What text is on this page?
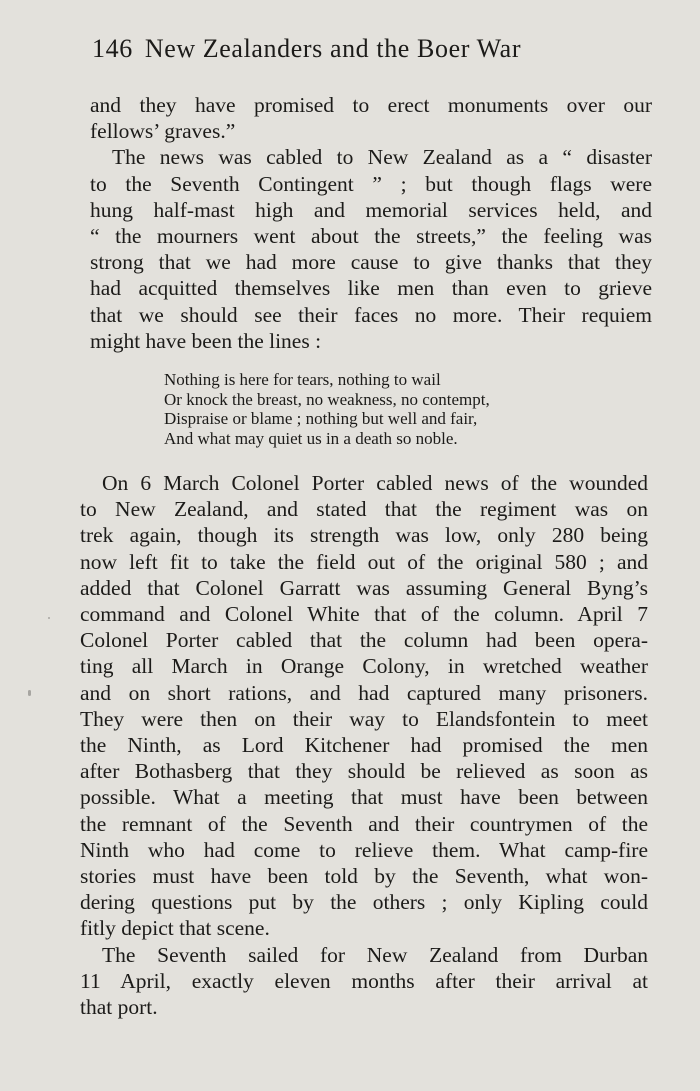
146 New Zealanders and the Boer War
and they have promised to erect monuments over our
fellows’ graves.”
The news was cabled to New Zealand as a “ disaster
to the Seventh Contingent ” ; but though flags were
hung half-mast high and memorial services held, and
“ the mourners went about the streets,” the feeling was
strong that we had more cause to give thanks that they
had acquitted themselves like men than even to grieve
that we should see their faces no more. Their requiem
might have been the lines :
Nothing is here for tears, nothing to wail
Or knock the breast, no weakness, no contempt,
Dispraise or blame ; nothing but well and fair,
And what may quiet us in a death so noble.
On 6 March Colonel Porter cabled news of the wounded
to New Zealand, and stated that the regiment was on
trek again, though its strength was low, only 280 being
now left fit to take the field out of the original 580 ; and
added that Colonel Garratt was assuming General Byng’s
command and Colonel White that of the column. April 7
Colonel Porter cabled that the column had been opera-
ting all March in Orange Colony, in wretched weather
and on short rations, and had captured many prisoners.
They were then on their way to Elandsfontein to meet
the Ninth, as Lord Kitchener had promised the men
after Bothasberg that they should be relieved as soon as
possible. What a meeting that must have been between
the remnant of the Seventh and their countrymen of the
Ninth who had come to relieve them. What camp-fire
stories must have been told by the Seventh, what won-
dering questions put by the others ; only Kipling could
fitly depict that scene.
The Seventh sailed for New Zealand from Durban
11 April, exactly eleven months after their arrival at
that port.
